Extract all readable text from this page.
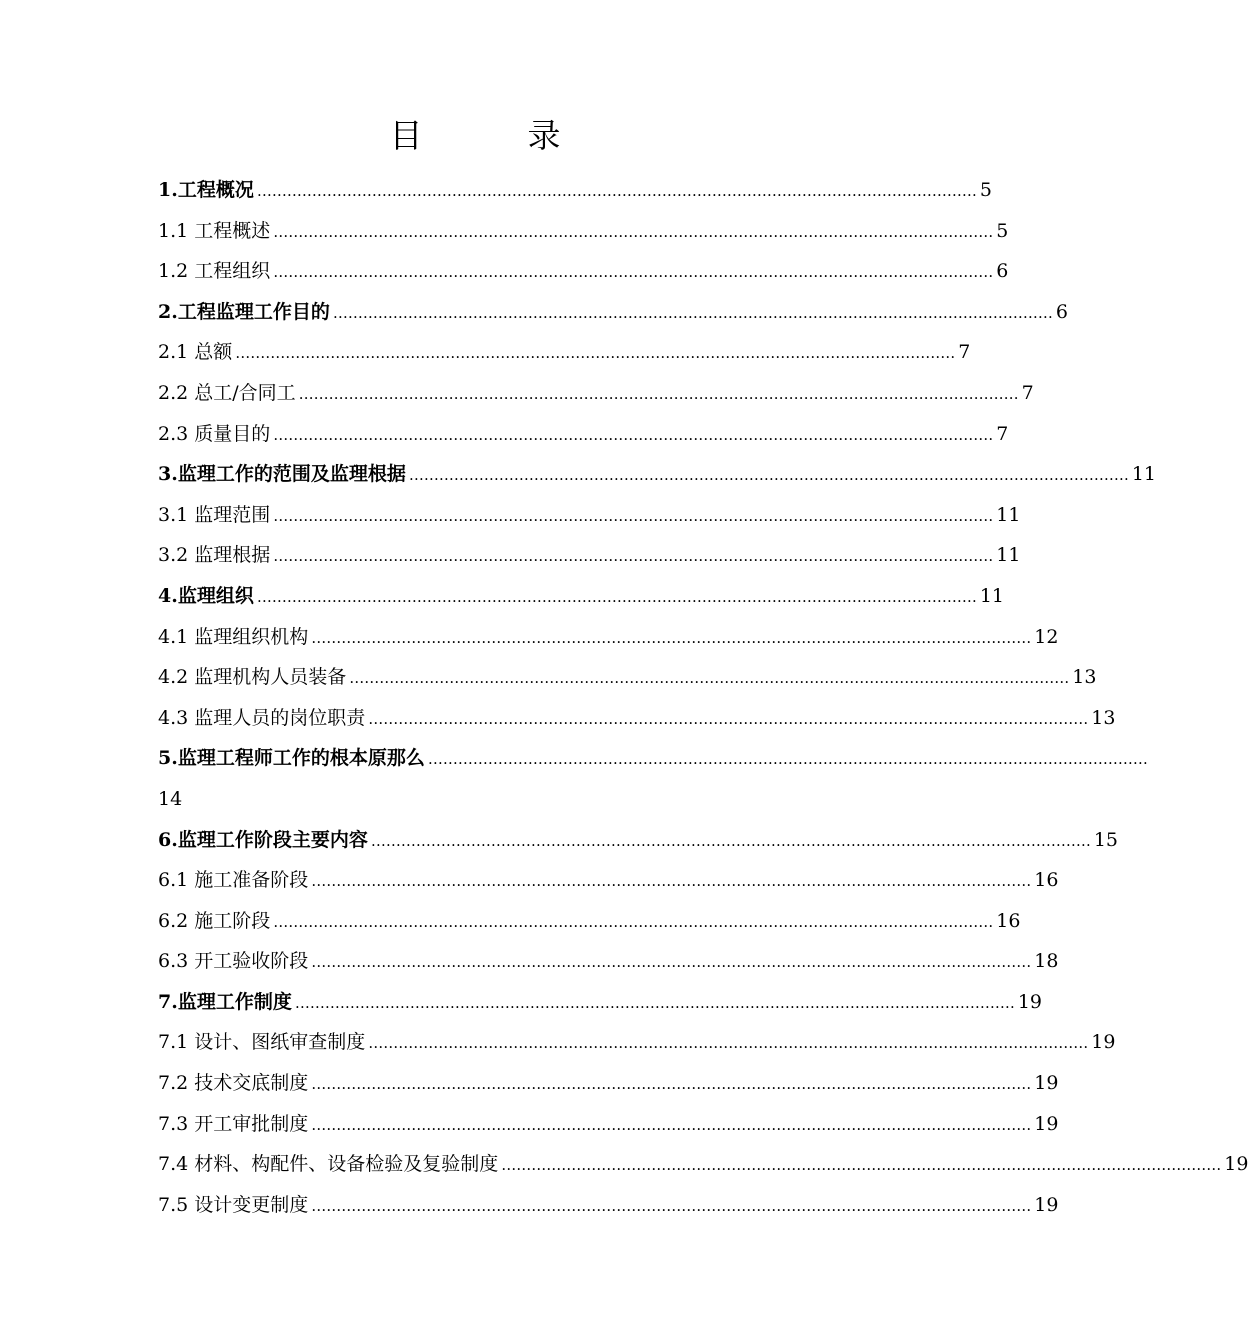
目　录
1.工程概况 ……………………………………………………………………………………………………………………………… 5
1.1 工程概述 ……………………………………………………………………………………………………………………………… 5
1.2 工程组织 ……………………………………………………………………………………………………………………………… 6
2.工程监理工作目的 ……………………………………………………………………………………………………………………………… 6
2.1 总额 ……………………………………………………………………………………………………………………………… 7
2.2 总工/合同工 ……………………………………………………………………………………………………………………………… 7
2.3 质量目的 ……………………………………………………………………………………………………………………………… 7
3.监理工作的范围及监理根据 ……………………………………………………………………………………………………………………………… 11
3.1 监理范围 ……………………………………………………………………………………………………………………………… 11
3.2 监理根据 ……………………………………………………………………………………………………………………………… 11
4.监理组织 ……………………………………………………………………………………………………………………………… 11
4.1 监理组织机构 ……………………………………………………………………………………………………………………………… 12
4.2 监理机构人员装备 ……………………………………………………………………………………………………………………………… 13
4.3 监理人员的岗位职责 ……………………………………………………………………………………………………………………………… 13
5.监理工程师工作的根本原那么 ………………………………………………………………………………………………………………………………
14
6.监理工作阶段主要内容 ……………………………………………………………………………………………………………………………… 15
6.1 施工准备阶段 ……………………………………………………………………………………………………………………………… 16
6.2 施工阶段 ……………………………………………………………………………………………………………………………… 16
6.3 开工验收阶段 ……………………………………………………………………………………………………………………………… 18
7.监理工作制度 ……………………………………………………………………………………………………………………………… 19
7.1 设计、图纸审查制度 ……………………………………………………………………………………………………………………………… 19
7.2 技术交底制度 ……………………………………………………………………………………………………………………………… 19
7.3 开工审批制度 ……………………………………………………………………………………………………………………………… 19
7.4 材料、构配件、设备检验及复验制度 ……………………………………………………………………………………………………………………………… 19
7.5 设计变更制度 ……………………………………………………………………………………………………………………………… 19
